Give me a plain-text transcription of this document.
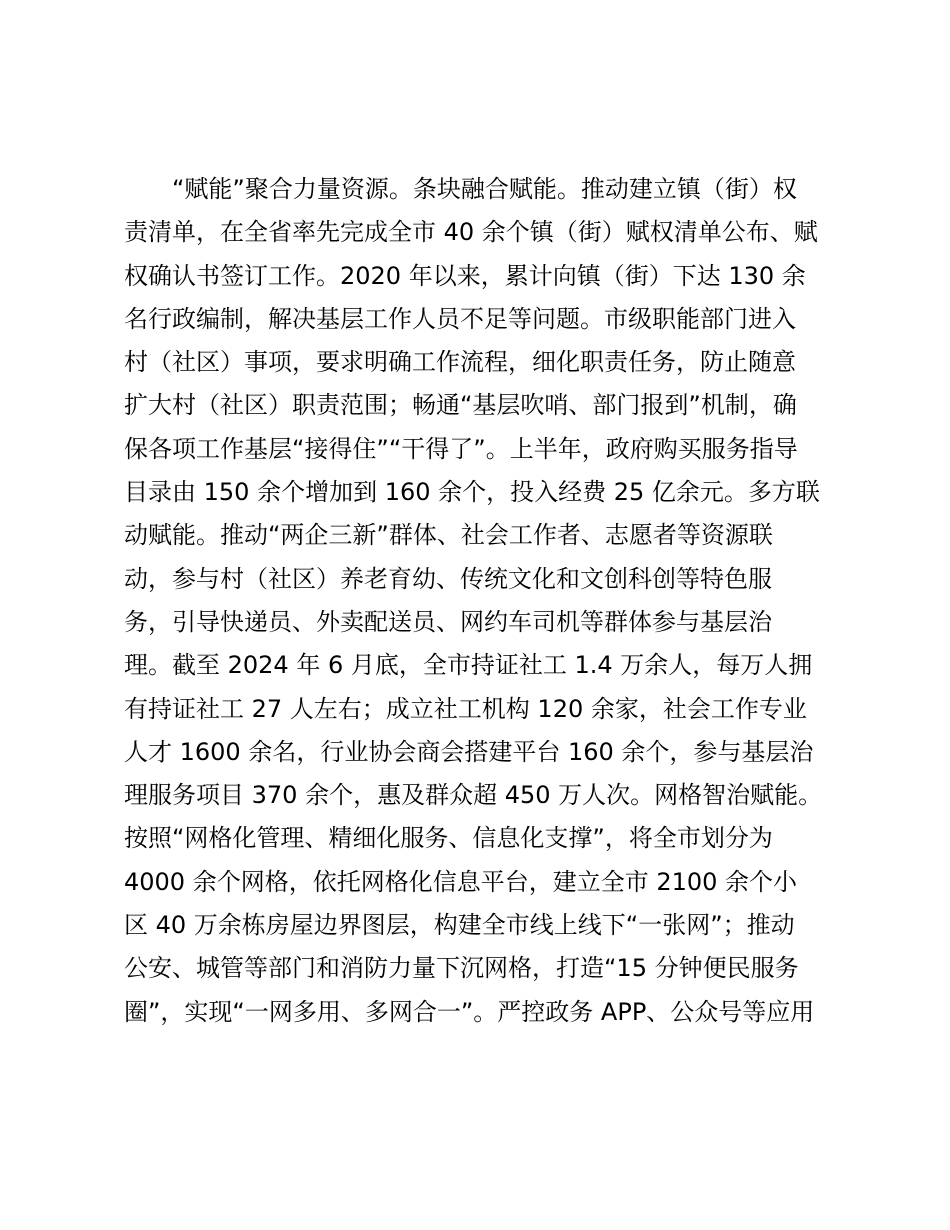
　　“赋能”聚合力量资源。条块融合赋能。推动建立镇（街）权
责清单，在全省率先完成全市 40 余个镇（街）赋权清单公布、赋
权确认书签订工作。2020 年以来，累计向镇（街）下达 130 余
名行政编制，解决基层工作人员不足等问题。市级职能部门进入
村（社区）事项，要求明确工作流程，细化职责任务，防止随意
扩大村（社区）职责范围；畅通“基层吹哨、部门报到”机制，确
保各项工作基层“接得住”“干得了”。上半年，政府购买服务指导
目录由 150 余个增加到 160 余个，投入经费 25 亿余元。多方联
动赋能。推动“两企三新”群体、社会工作者、志愿者等资源联
动，参与村（社区）养老育幼、传统文化和文创科创等特色服
务，引导快递员、外卖配送员、网约车司机等群体参与基层治
理。截至 2024 年 6 月底，全市持证社工 1.4 万余人，每万人拥
有持证社工 27 人左右；成立社工机构 120 余家，社会工作专业
人才 1600 余名，行业协会商会搭建平台 160 余个，参与基层治
理服务项目 370 余个，惠及群众超 450 万人次。网格智治赋能。
按照“网格化管理、精细化服务、信息化支撑”，将全市划分为
4000 余个网格，依托网格化信息平台，建立全市 2100 余个小
区 40 万余栋房屋边界图层，构建全市线上线下“一张网”；推动
公安、城管等部门和消防力量下沉网格，打造“15 分钟便民服务
圈”，实现“一网多用、多网合一”。严控政务 APP、公众号等应用
